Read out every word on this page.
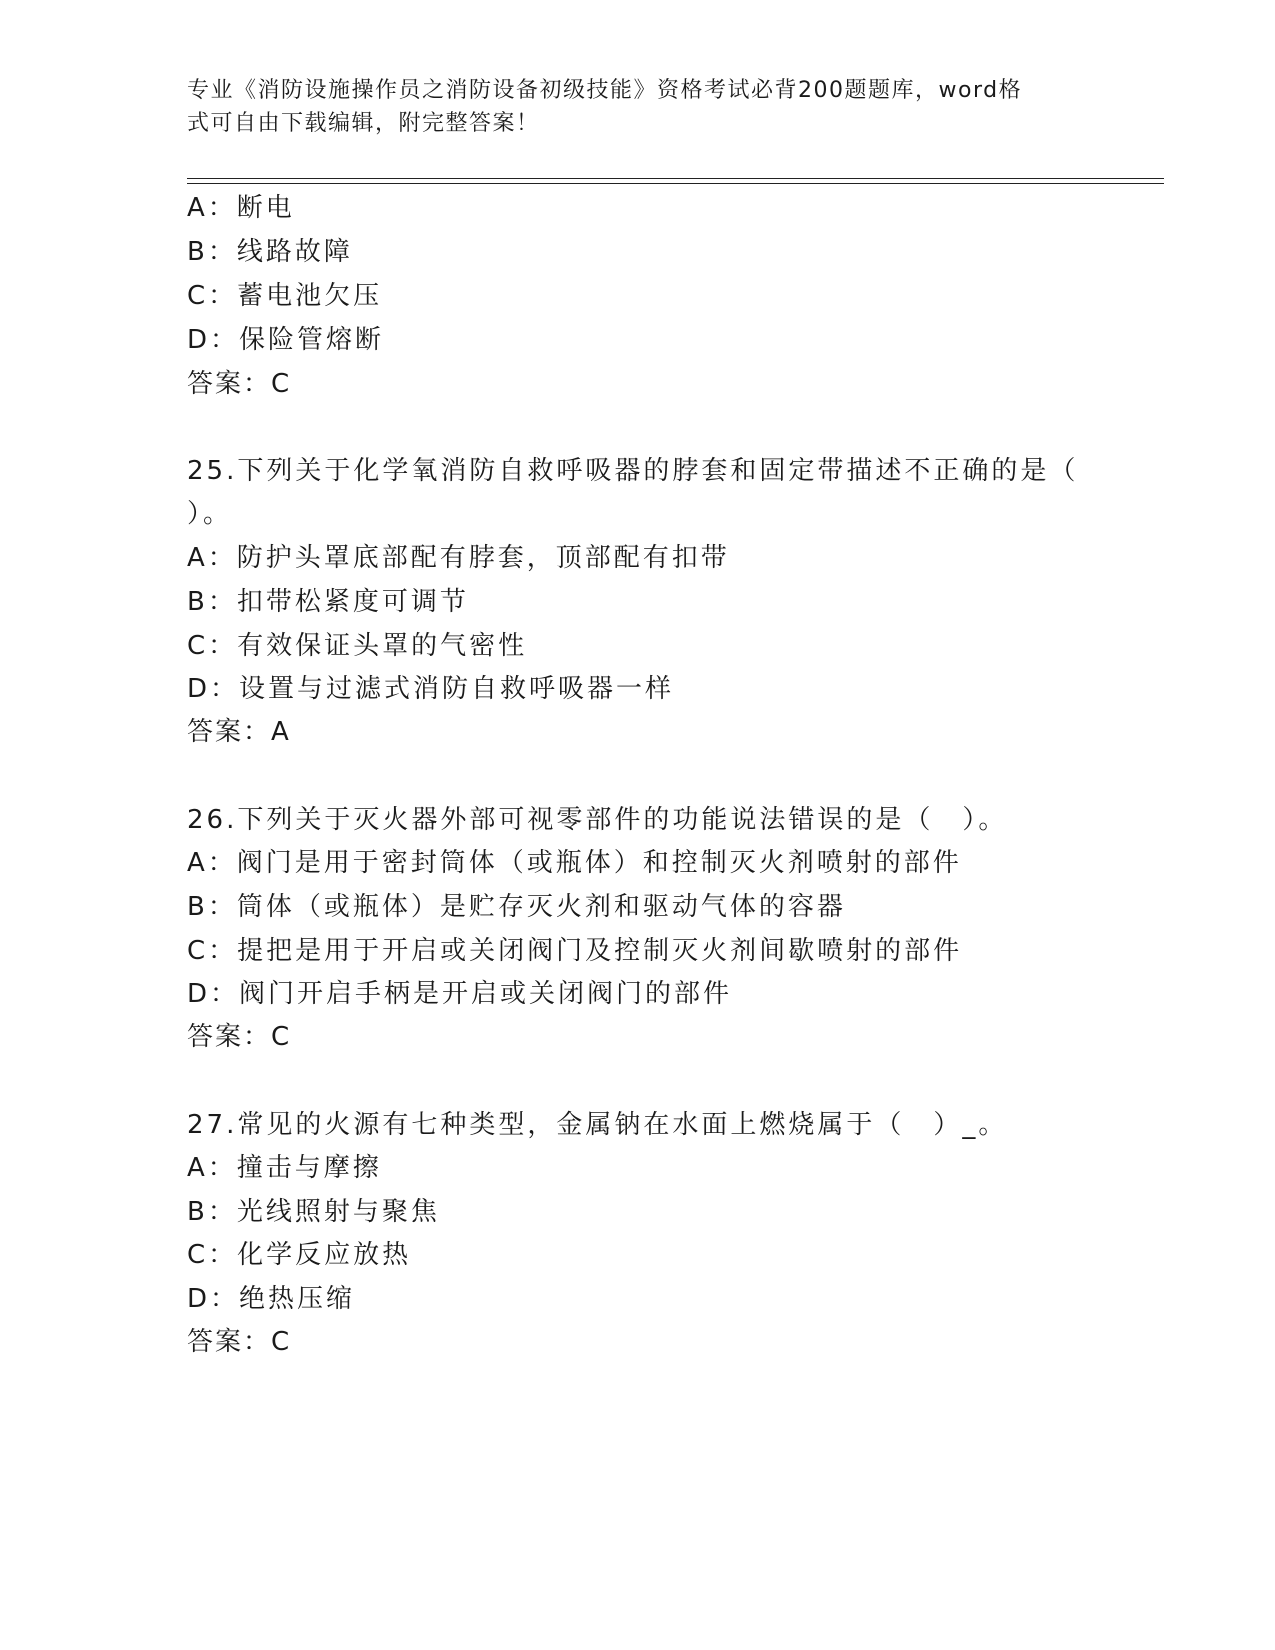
专业《消防设施操作员之消防设备初级技能》资格考试必背200题题库，word格
式可自由下载编辑，附完整答案！
A：断电
B：线路故障
C：蓄电池欠压
D：保险管熔断
答案：C
25.下列关于化学氧消防自救呼吸器的脖套和固定带描述不正确的是（
）。
A：防护头罩底部配有脖套，顶部配有扣带
B：扣带松紧度可调节
C：有效保证头罩的气密性
D：设置与过滤式消防自救呼吸器一样
答案：A
26.下列关于灭火器外部可视零部件的功能说法错误的是（　）。
A：阀门是用于密封筒体（或瓶体）和控制灭火剂喷射的部件
B：筒体（或瓶体）是贮存灭火剂和驱动气体的容器
C：提把是用于开启或关闭阀门及控制灭火剂间歇喷射的部件
D：阀门开启手柄是开启或关闭阀门的部件
答案：C
27.常见的火源有七种类型，金属钠在水面上燃烧属于（　）_。
A：撞击与摩擦
B：光线照射与聚焦
C：化学反应放热
D：绝热压缩
答案：C
